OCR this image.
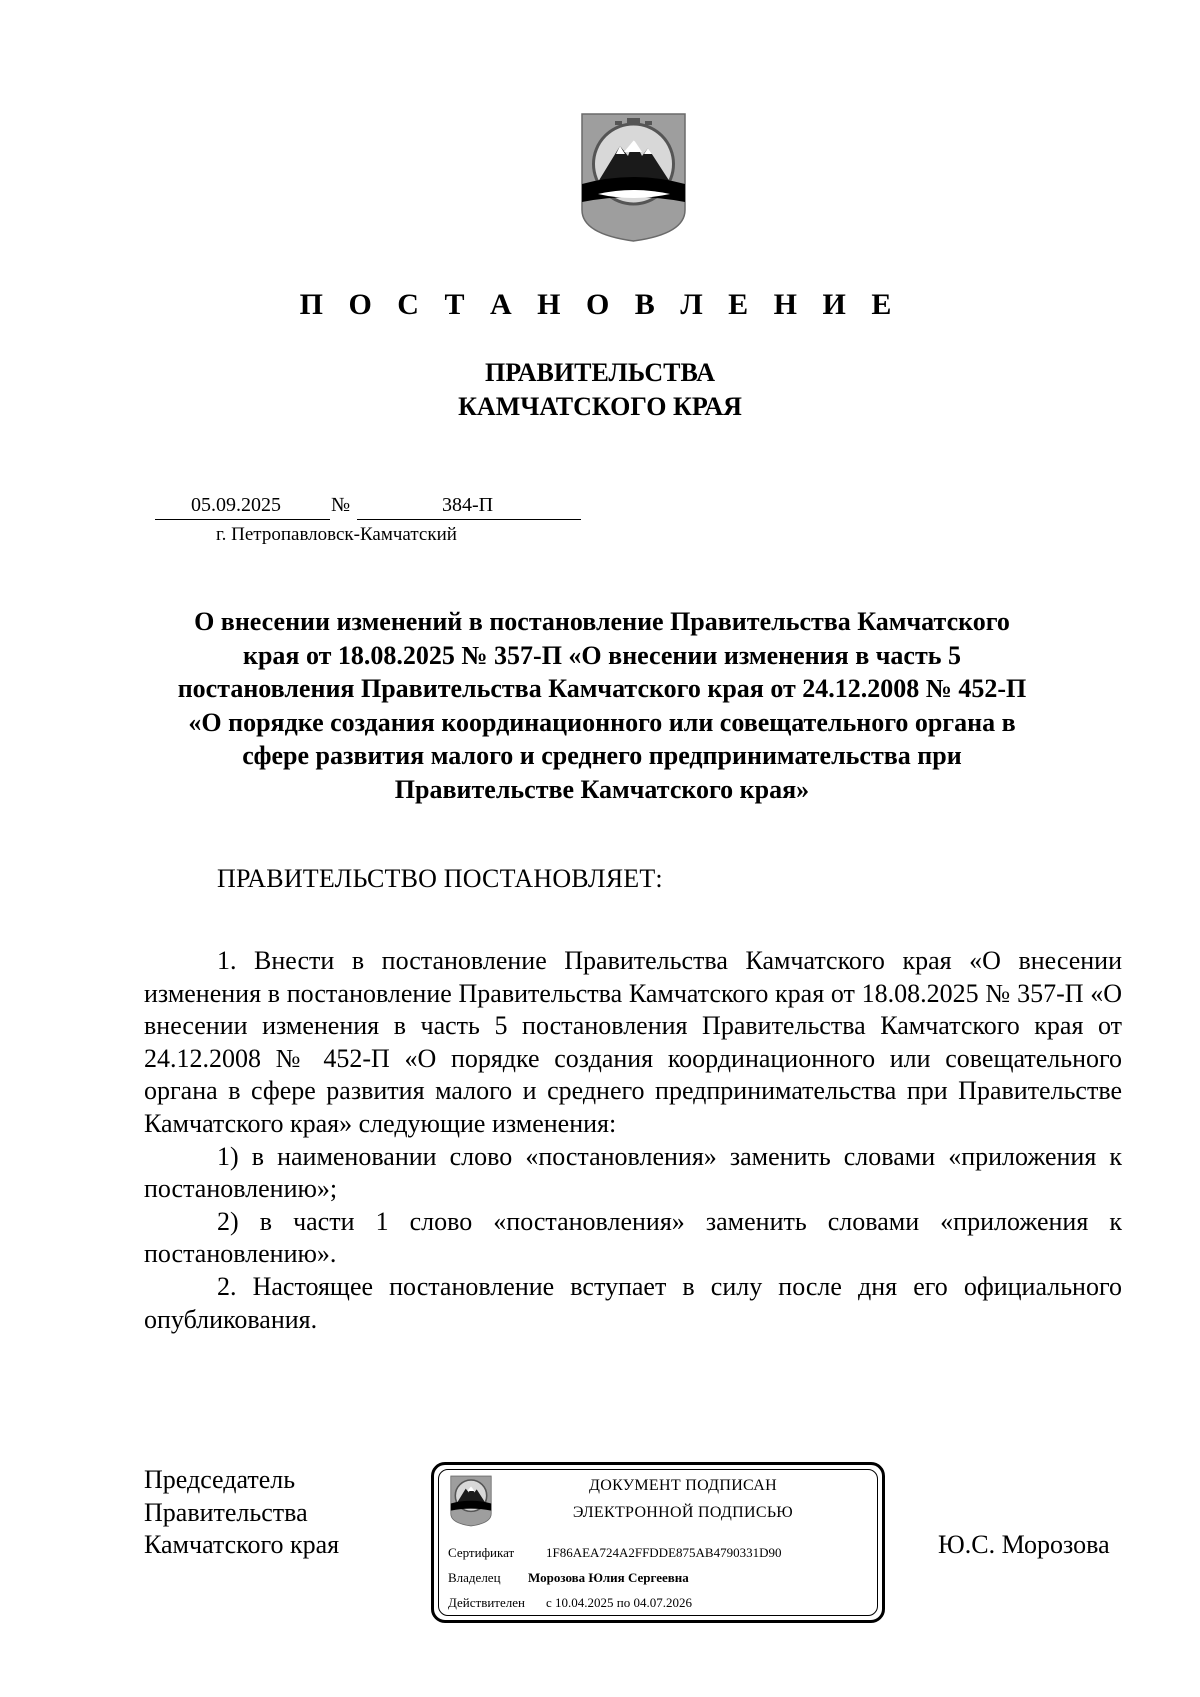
П О С Т А Н О В Л Е Н И Е
ПРАВИТЕЛЬСТВА
КАМЧАТСКОГО КРАЯ
05.09.2025	№	384-П
г. Петропавловск-Камчатский
О внесении изменений в постановление Правительства Камчатского
края от 18.08.2025 № 357-П «О внесении изменения в часть 5
постановления Правительства Камчатского края от 24.12.2008 № 452-П
«О порядке создания координационного или совещательного органа в
сфере развития малого и среднего предпринимательства при
Правительстве Камчатского края»
ПРАВИТЕЛЬСТВО ПОСТАНОВЛЯЕТ:

1. Внести в постановление Правительства Камчатского края «О внесении изменения в постановление Правительства Камчатского края от 18.08.2025 № 357-П «О внесении изменения в часть 5 постановления Правительства Камчатского края от 24.12.2008 № 452-П «О порядке создания координационного или совещательного органа в сфере развития малого и среднего предпринимательства при Правительстве Камчатского края» следующие изменения:

1) в наименовании слово «постановления» заменить словами «приложения к постановлению»;

2) в части 1 слово «постановления» заменить словами «приложения к постановлению».

2. Настоящее постановление вступает в силу после дня его официального опубликования.

Председатель
Правительства
Камчатского края
ДОКУМЕНТ ПОДПИСАН
ЭЛЕКТРОННОЙ ПОДПИСЬЮ
Сертификат 1F86AEA724A2FFDDE875AB4790331D90
Владелец Морозова Юлия Сергеевна
Действителен с 10.04.2025 по 04.07.2026
Ю.С. Морозова
